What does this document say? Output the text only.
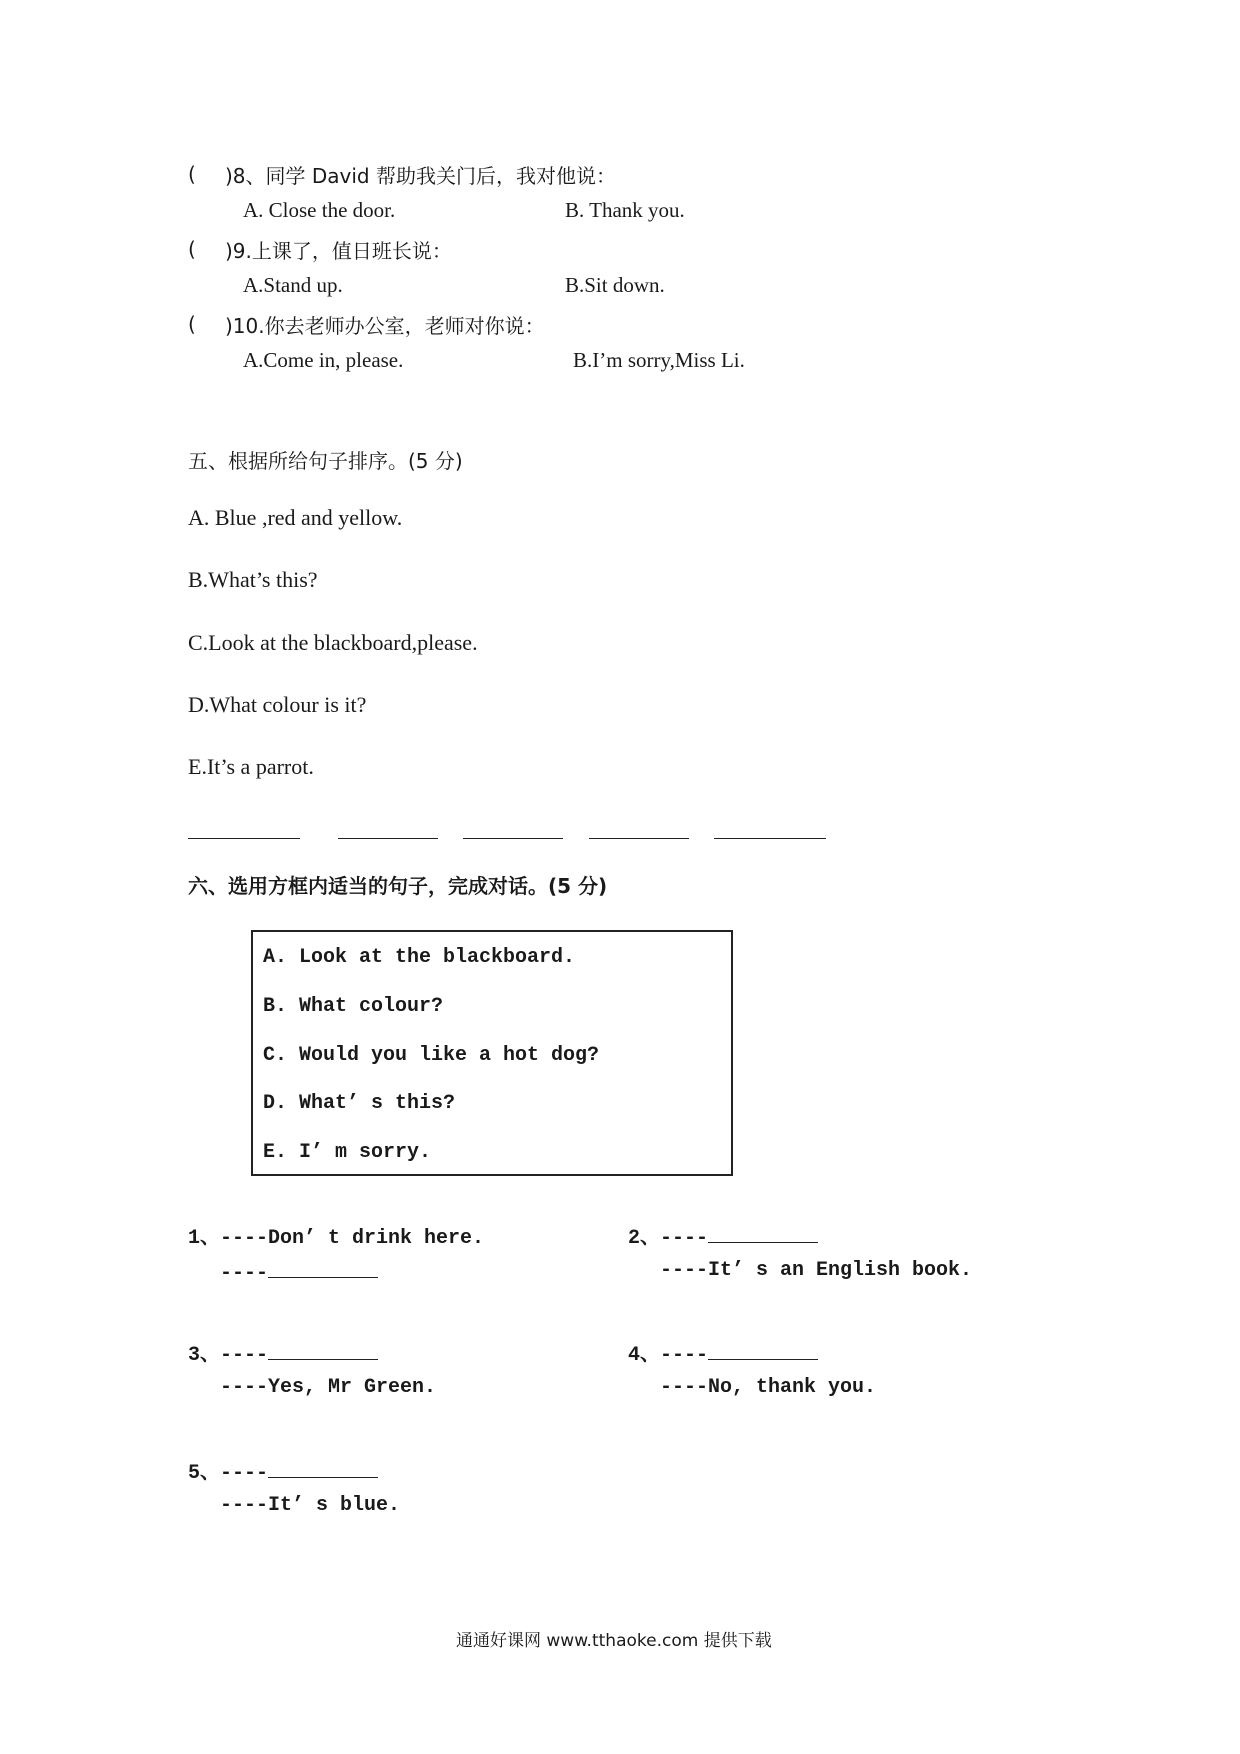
( )8、同学 David 帮助我关门后，我对他说：
A. Close the door.	B. Thank you.
( )9.上课了，值日班长说：
A.Stand up.	B.Sit down.
( )10.你去老师办公室，老师对你说：
A.Come in, please.	B.I’m sorry,Miss Li.
五、根据所给句子排序。(5 分)
A. Blue ,red and yellow.
B.What’s this?
C.Look at the blackboard,please.
D.What colour is it?
E.It’s a parrot.
六、选用方框内适当的句子，完成对话。(5 分)
A. Look at the blackboard.
B. What colour?
C. Would you like a hot dog?
D. What’ s this?
E. I’ m sorry.
1、----Don’ t drink here.	2、----
----	----It’ s an English book.
3、----	4、----
----Yes, Mr Green.	----No, thank you.
5、----
----It’ s blue.
通通好课网 www.tthaoke.com 提供下载
